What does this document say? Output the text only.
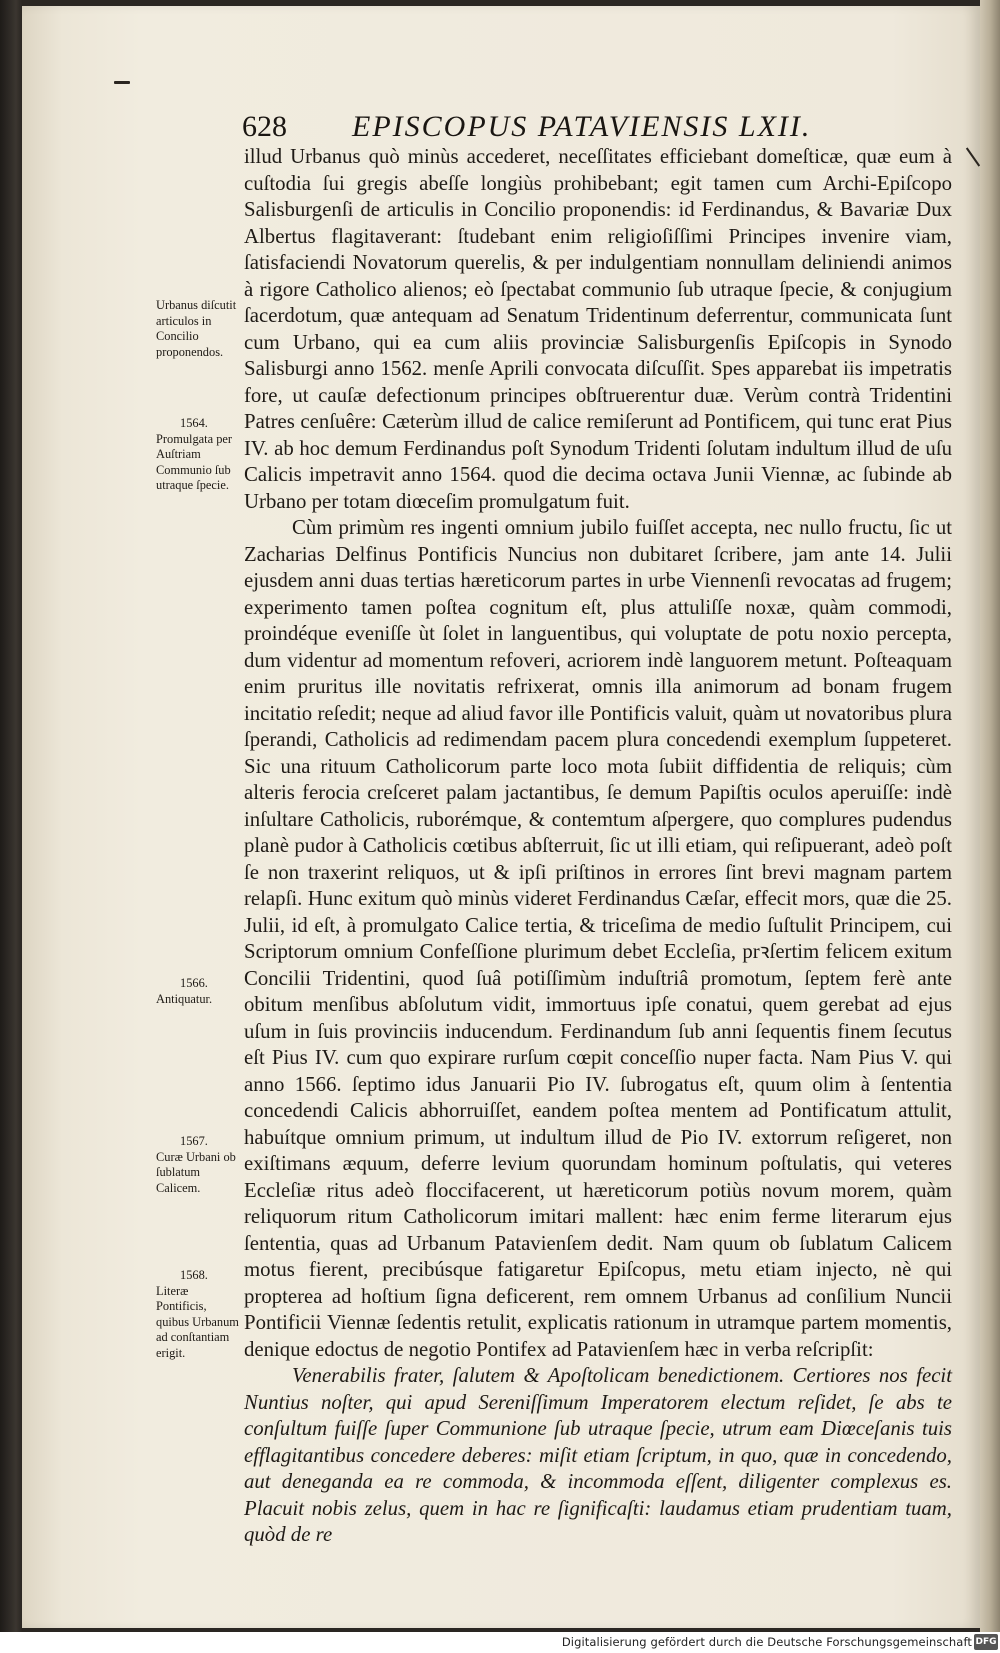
628 EPISCOPUS PATAVIENSIS LXII.

illud Urbanus quò minùs accederet, neceſſitates efficiebant domeſticæ, quæ eum à cuſtodia ſui gregis abeſſe longiùs prohibebant; egit tamen cum Archi-Epiſcopo Salisburgenſi de articulis in Concilio proponendis: id Ferdinandus, & Bavariæ Dux Albertus flagitaverant: ſtudebant enim religioſiſſimi Principes invenire viam, ſatisfaciendi Novatorum querelis, & per indulgentiam nonnullam deliniendi animos à rigore Catholico alienos; eò ſpectabat communio ſub utraque ſpecie, & conjugium ſacerdotum, quæ antequam ad Senatum Tridentinum deferrentur, communicata ſunt cum Urbano, qui ea cum aliis provinciæ Salisburgenſis Epiſcopis in Synodo Salisburgi anno 1562. menſe Aprili convocata diſcuſſit. Spes apparebat iis impetratis fore, ut cauſæ defectionum principes obſtruerentur duæ. Verùm contrà Tridentini Patres cenſuêre: Cæterùm illud de calice remiſerunt ad Pontificem, qui tunc erat Pius IV. ab hoc demum Ferdinandus poſt Synodum Tridenti ſolutam indultum illud de uſu Calicis impetravit anno 1564. quod die decima octava Junii Viennæ, ac ſubinde ab Urbano per totam diœceſim promulgatum fuit.

Cùm primùm res ingenti omnium jubilo fuiſſet accepta, nec nullo fructu, ſic ut Zacharias Delfinus Pontificis Nuncius non dubitaret ſcribere, jam ante 14. Julii ejusdem anni duas tertias hæreticorum partes in urbe Viennenſi revocatas ad frugem; experimento tamen poſtea cognitum eſt, plus attuliſſe noxæ, quàm commodi, proindéque eveniſſe ùt ſolet in languentibus, qui voluptate de potu noxio percepta, dum videntur ad momentum refoveri, acriorem indè languorem metunt. Poſteaquam enim pruritus ille novitatis refrixerat, omnis illa animorum ad bonam frugem incitatio reſedit; neque ad aliud favor ille Pontificis valuit, quàm ut novatoribus plura ſperandi, Catholicis ad redimendam pacem plura concedendi exemplum ſuppeteret. Sic una rituum Catholicorum parte loco mota ſubiit diffidentia de reliquis; cùm alteris ferocia creſceret palam jactantibus, ſe demum Papiſtis oculos aperuiſſe: indè inſultare Catholicis, ruborémque, & contemtum aſpergere, quo complures pudendus planè pudor à Catholicis cœtibus abſterruit, ſic ut illi etiam, qui reſipuerant, adeò poſt ſe non traxerint reliquos, ut & ipſi priſtinos in errores ſint brevi magnam partem relapſi. Hunc exitum quò minùs videret Ferdinandus Cæſar, effecit mors, quæ die 25. Julii, id eſt, à promulgato Calice tertia, & triceſima de medio ſuſtulit Principem, cui Scriptorum omnium Confeſſione plurimum debet Eccleſia, prꝛſertim felicem exitum Concilii Tridentini, quod ſuâ potiſſimùm induſtriâ promotum, ſeptem ferè ante obitum menſibus abſolutum vidit, immortuus ipſe conatui, quem gerebat ad ejus uſum in ſuis provinciis inducendum. Ferdinandum ſub anni ſequentis finem ſecutus eſt Pius IV. cum quo expirare rurſum cœpit conceſſio nuper facta. Nam Pius V. qui anno 1566. ſeptimo idus Januarii Pio IV. ſubrogatus eſt, quum olim à ſententia concedendi Calicis abhorruiſſet, eandem poſtea mentem ad Pontificatum attulit, habuítque omnium primum, ut indultum illud de Pio IV. extorrum reſigeret, non exiſtimans æquum, deferre levium quorundam hominum poſtulatis, qui veteres Eccleſiæ ritus adeò floccifacerent, ut hæreticorum potiùs novum morem, quàm reliquorum ritum Catholicorum imitari mallent: hæc enim ferme literarum ejus ſententia, quas ad Urbanum Patavienſem dedit. Nam quum ob ſublatum Calicem motus fierent, precibúsque fatigaretur Epiſcopus, metu etiam injecto, nè qui propterea ad hoſtium ſigna deficerent, rem omnem Urbanus ad conſilium Nuncii Pontificii Viennæ ſedentis retulit, explicatis rationum in utramque partem momentis, denique edoctus de negotio Pontifex ad Patavienſem hæc in verba reſcripſit:

Venerabilis frater, ſalutem & Apoſtolicam benedictionem. Certiores nos fecit Nuntius noſter, qui apud Sereniſſimum Imperatorem electum reſidet, ſe abs te conſultum fuiſſe ſuper Communione ſub utraque ſpecie, utrum eam Diœceſanis tuis efflagitantibus concedere deberes: miſit etiam ſcriptum, in quo, quæ in concedendo, aut deneganda ea re commoda, & incommoda eſſent, diligenter complexus es. Placuit nobis zelus, quem in hac re ſignificaſti: laudamus etiam prudentiam tuam, quòd de re

Urbanus diſcutit articulos in Concilio proponendos.
1564.
Promulgata per Auſtriam Communio ſub utraque ſpecie.
1566.
Antiquatur.
1567.
Curæ Urbani ob ſublatum Calicem.
1568.
Literæ Pontificis, quibus Urbanum ad conſtantiam erigit.
Digitalisierung gefördert durch die Deutsche Forschungsgemeinschaft DFG
